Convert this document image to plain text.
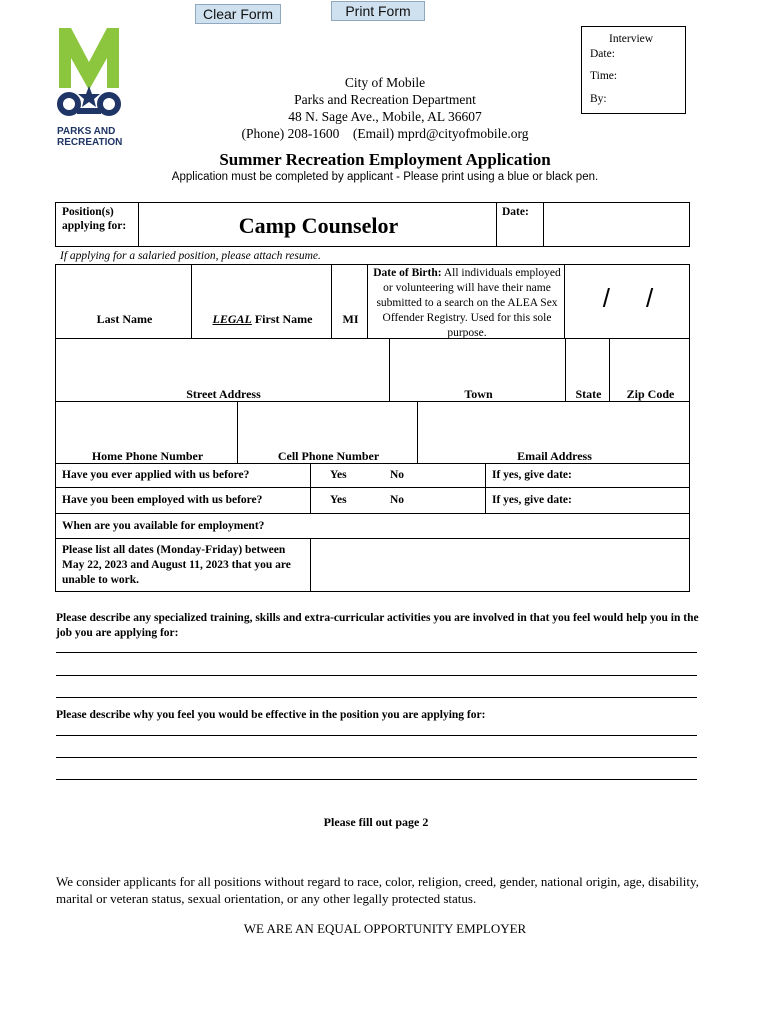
Clear Form	Print Form
PARKS AND
RECREATION
Interview
Date:
Time:
By:
City of Mobile
Parks and Recreation Department
48 N. Sage Ave., Mobile, AL 36607
(Phone) 208-1600    (Email) mprd@cityofmobile.org
Summer Recreation Employment Application
Application must be completed by applicant - Please print using a blue or black pen.
Position(s)
applying for:	Camp Counselor
Date:
If applying for a salaried position, please attach resume.
Last Name	LEGAL First Name	MI
Date of Birth: All individuals employed or volunteering will have their name submitted to a search on the ALEA Sex Offender Registry. Used for this sole purpose.
/     /
Street Address	Town	State	Zip Code
Home Phone Number	Cell Phone Number	Email Address
Have you ever applied with us before?	Yes	No	If yes, give date:
Have you been employed with us before?	Yes	No	If yes, give date:
When are you available for employment?
Please list all dates (Monday-Friday) between May 22, 2023 and August 11, 2023 that you are unable to work.
Please describe any specialized training, skills and extra-curricular activities you are involved in that you feel would help you in the job you are applying for:
Please describe why you feel you would be effective in the position you are applying for:
Please fill out page 2
We consider applicants for all positions without regard to race, color, religion, creed, gender, national origin, age, disability, marital or veteran status, sexual orientation, or any other legally protected status.
WE ARE AN EQUAL OPPORTUNITY EMPLOYER
